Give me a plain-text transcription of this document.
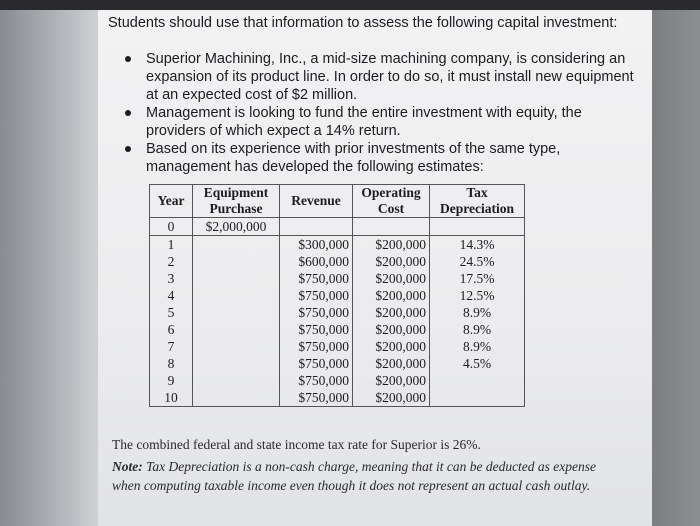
Students should use that information to assess the following capital investment:
Superior Machining, Inc., a mid-size machining company, is considering an expansion of its product line. In order to do so, it must install new equipment at an expected cost of $2 million.
Management is looking to fund the entire investment with equity, the providers of which expect a 14% return.
Based on its experience with prior investments of the same type, management has developed the following estimates:
Year	Equipment Purchase	Revenue	Operating Cost	Tax Depreciation
0	$2,000,000			
1		$300,000	$200,000	14.3%
2		$600,000	$200,000	24.5%
3		$750,000	$200,000	17.5%
4		$750,000	$200,000	12.5%
5		$750,000	$200,000	8.9%
6		$750,000	$200,000	8.9%
7		$750,000	$200,000	8.9%
8		$750,000	$200,000	4.5%
9		$750,000	$200,000	
10		$750,000	$200,000	
The combined federal and state income tax rate for Superior is 26%.
Note: Tax Depreciation is a non-cash charge, meaning that it can be deducted as expense when computing taxable income even though it does not represent an actual cash outlay.
